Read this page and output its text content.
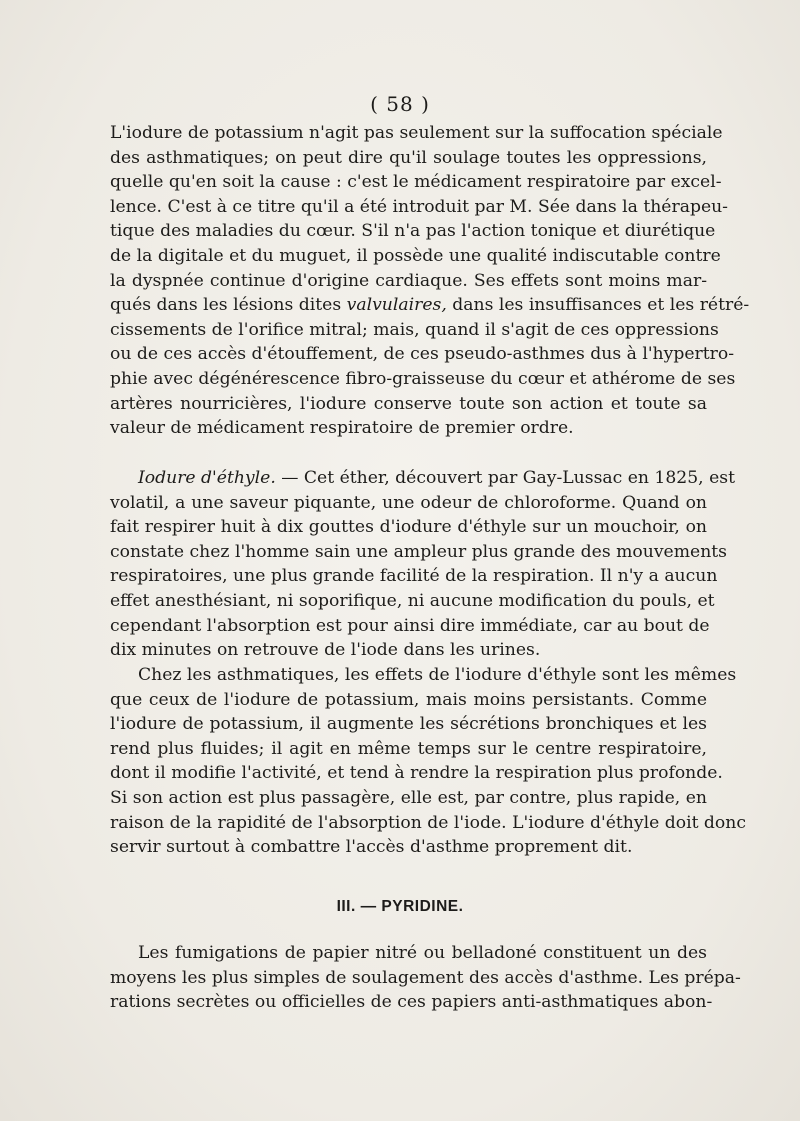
( 58 )
L'iodure de potassium n'agit pas seulement sur la suffocation spéciale
des asthmatiques; on peut dire qu'il soulage toutes les oppressions,
quelle qu'en soit la cause : c'est le médicament respiratoire par excel-
lence. C'est à ce titre qu'il a été introduit par M. Sée dans la thérapeu-
tique des maladies du cœur. S'il n'a pas l'action tonique et diurétique
de la digitale et du muguet, il possède une qualité indiscutable contre
la dyspnée continue d'origine cardiaque. Ses effets sont moins mar-
qués dans les lésions dites valvulaires, dans les insuffisances et les rétré-
cissements de l'orifice mitral; mais, quand il s'agit de ces oppressions
ou de ces accès d'étouffement, de ces pseudo-asthmes dus à l'hypertro-
phie avec dégénérescence fibro-graisseuse du cœur et athérome de ses
artères nourricières, l'iodure conserve toute son action et toute sa
valeur de médicament respiratoire de premier ordre.
Iodure d'éthyle. — Cet éther, découvert par Gay-Lussac en 1825, est
volatil, a une saveur piquante, une odeur de chloroforme. Quand on
fait respirer huit à dix gouttes d'iodure d'éthyle sur un mouchoir, on
constate chez l'homme sain une ampleur plus grande des mouvements
respiratoires, une plus grande facilité de la respiration. Il n'y a aucun
effet anesthésiant, ni soporifique, ni aucune modification du pouls, et
cependant l'absorption est pour ainsi dire immédiate, car au bout de
dix minutes on retrouve de l'iode dans les urines.
Chez les asthmatiques, les effets de l'iodure d'éthyle sont les mêmes
que ceux de l'iodure de potassium, mais moins persistants. Comme
l'iodure de potassium, il augmente les sécrétions bronchiques et les
rend plus fluides; il agit en même temps sur le centre respiratoire,
dont il modifie l'activité, et tend à rendre la respiration plus profonde.
Si son action est plus passagère, elle est, par contre, plus rapide, en
raison de la rapidité de l'absorption de l'iode. L'iodure d'éthyle doit donc
servir surtout à combattre l'accès d'asthme proprement dit.
III. — PYRIDINE.
Les fumigations de papier nitré ou belladoné constituent un des
moyens les plus simples de soulagement des accès d'asthme. Les prépa-
rations secrètes ou officielles de ces papiers anti-asthmatiques abon-
